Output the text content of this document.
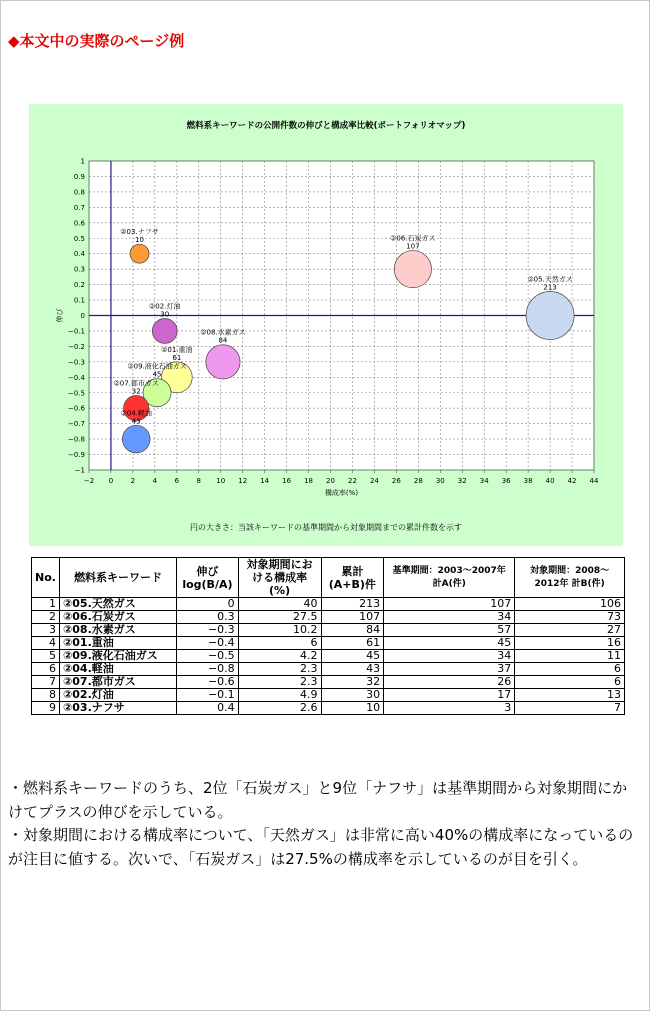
◆本文中の実際のページ例
燃料系キーワードの公開件数の伸びと構成率比較(ポートフォリオマップ)
−2 0 2 4 6 8 10 12 14 16 18 20 22 24 26 28 30 32 34 36 38 40 42 44
1
0.9
0.8
0.7
0.6
0.5
0.4
0.3
0.2
0.1
0
−0.1
−0.2
−0.3
−0.4
−0.5
−0.6
−0.7
−0.8
−0.9
−1
構成率(%)
伸び
②05.天然ガス
213
②06.石炭ガス
107
②08.水素ガス
84
②01.重油
61
②09.液化石油ガス
45
②04.軽油
43
②07.都市ガス
32
②02.灯油
30
②03.ナフサ
10
円の大きさ：当該キーワードの基準期間から対象期間までの累計件数を示す
No.	燃料系キーワード	伸び log(B/A)	対象期間における構成率(%)	累計 (A+B)件	基準期間：2003～2007年 計A(件)	対象期間：2008～2012年 計B(件)
1	②05.天然ガス	0	40	213	107	106
2	②06.石炭ガス	0.3	27.5	107	34	73
3	②08.水素ガス	−0.3	10.2	84	57	27
4	②01.重油	−0.4	6	61	45	16
5	②09.液化石油ガス	−0.5	4.2	45	34	11
6	②04.軽油	−0.8	2.3	43	37	6
7	②07.都市ガス	−0.6	2.3	32	26	6
8	②02.灯油	−0.1	4.9	30	17	13
9	②03.ナフサ	0.4	2.6	10	3	7

・燃料系キーワードのうち、2位「石炭ガス」と9位「ナフサ」は基準期間から対象期間にかけてプラスの伸びを示している。

・対象期間における構成率について、「天然ガス」は非常に高い40%の構成率になっているのが注目に値する。次いで、「石炭ガス」は27.5%の構成率を示しているのが目を引く。
